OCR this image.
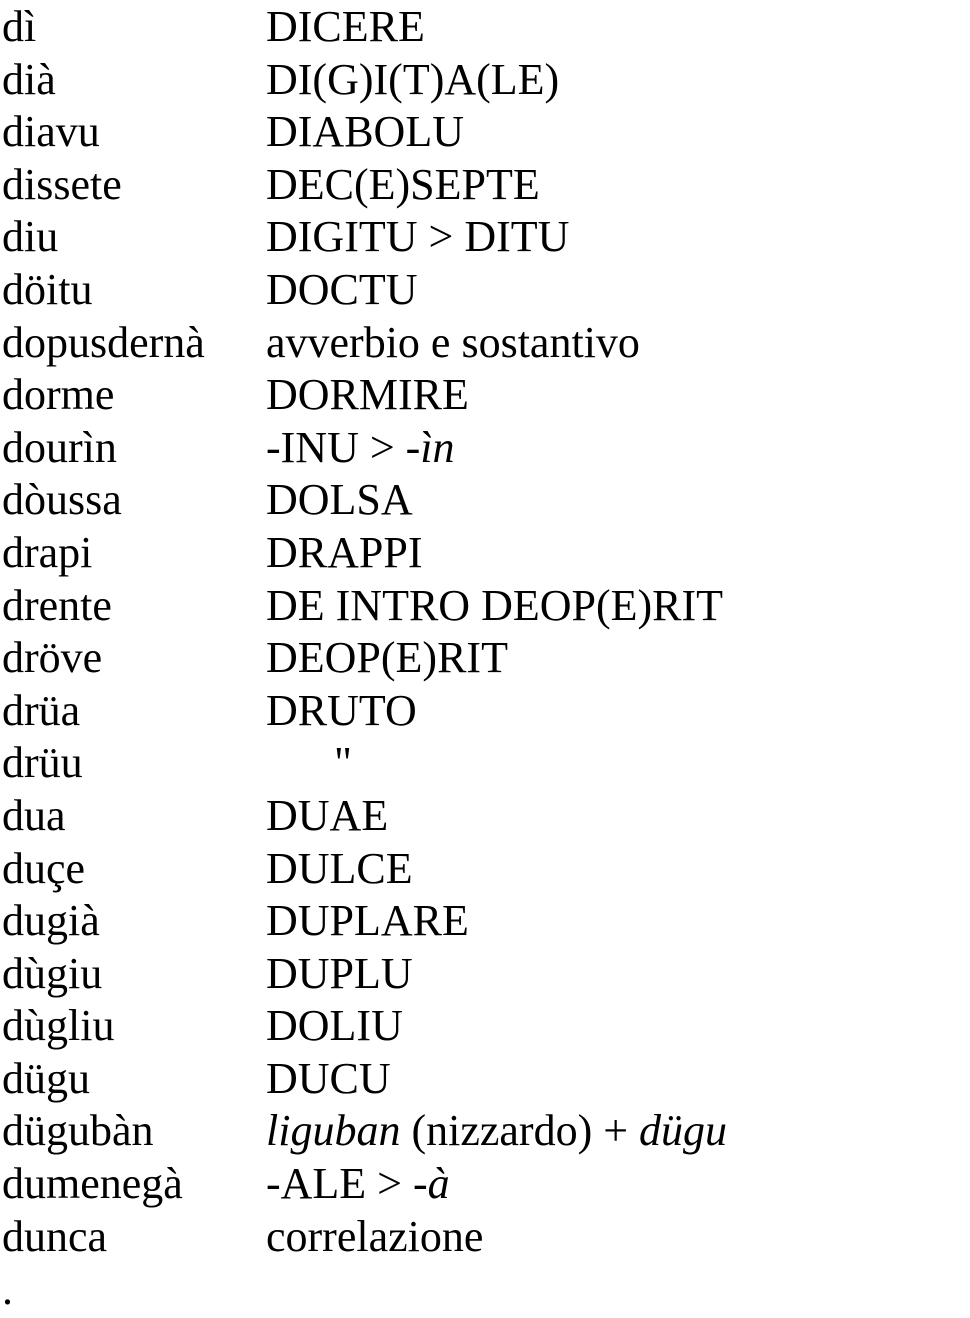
dì	DICERE
dià	DI(G)I(T)A(LE)
diavu	DIABOLU
dissete	DEC(E)SEPTE
diu	DIGITU > DITU
döitu	DOCTU
dopusdernà	avverbio e sostantivo
dorme	DORMIRE
dourìn	-INU > -ìn
dòussa	DOLSA
drapi	DRAPPI
drente	DE INTRO DEOP(E)RIT
dröve	DEOP(E)RIT
drüa	DRUTO
drüu	"
dua	DUAE
duçe	DULCE
dugià	DUPLARE
dùgiu	DUPLU
dùgliu	DOLIU
dügu	DUCU
dügubàn	liguban (nizzardo) + dügu
dumenegà	-ALE > -à
dunca	correlazione
.
